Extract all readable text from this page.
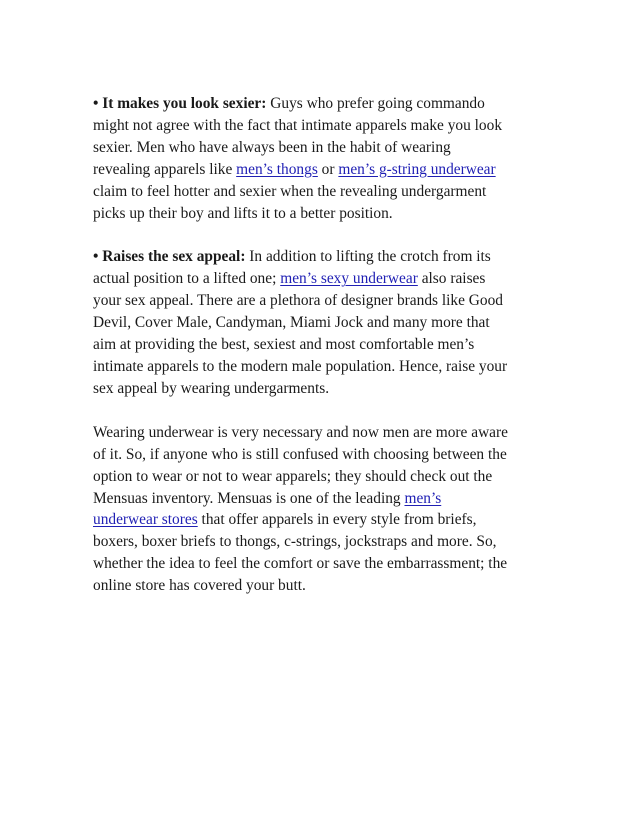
• It makes you look sexier: Guys who prefer going commando
might not agree with the fact that intimate apparels make you look
sexier. Men who have always been in the habit of wearing
revealing apparels like men’s thongs or men’s g-string underwear
claim to feel hotter and sexier when the revealing undergarment
picks up their boy and lifts it to a better position.

• Raises the sex appeal: In addition to lifting the crotch from its
actual position to a lifted one; men’s sexy underwear also raises
your sex appeal. There are a plethora of designer brands like Good
Devil, Cover Male, Candyman, Miami Jock and many more that
aim at providing the best, sexiest and most comfortable men’s
intimate apparels to the modern male population. Hence, raise your
sex appeal by wearing undergarments.

Wearing underwear is very necessary and now men are more aware
of it. So, if anyone who is still confused with choosing between the
option to wear or not to wear apparels; they should check out the
Mensuas inventory. Mensuas is one of the leading men’s
underwear stores that offer apparels in every style from briefs,
boxers, boxer briefs to thongs, c-strings, jockstraps and more. So,
whether the idea to feel the comfort or save the embarrassment; the
online store has covered your butt.
